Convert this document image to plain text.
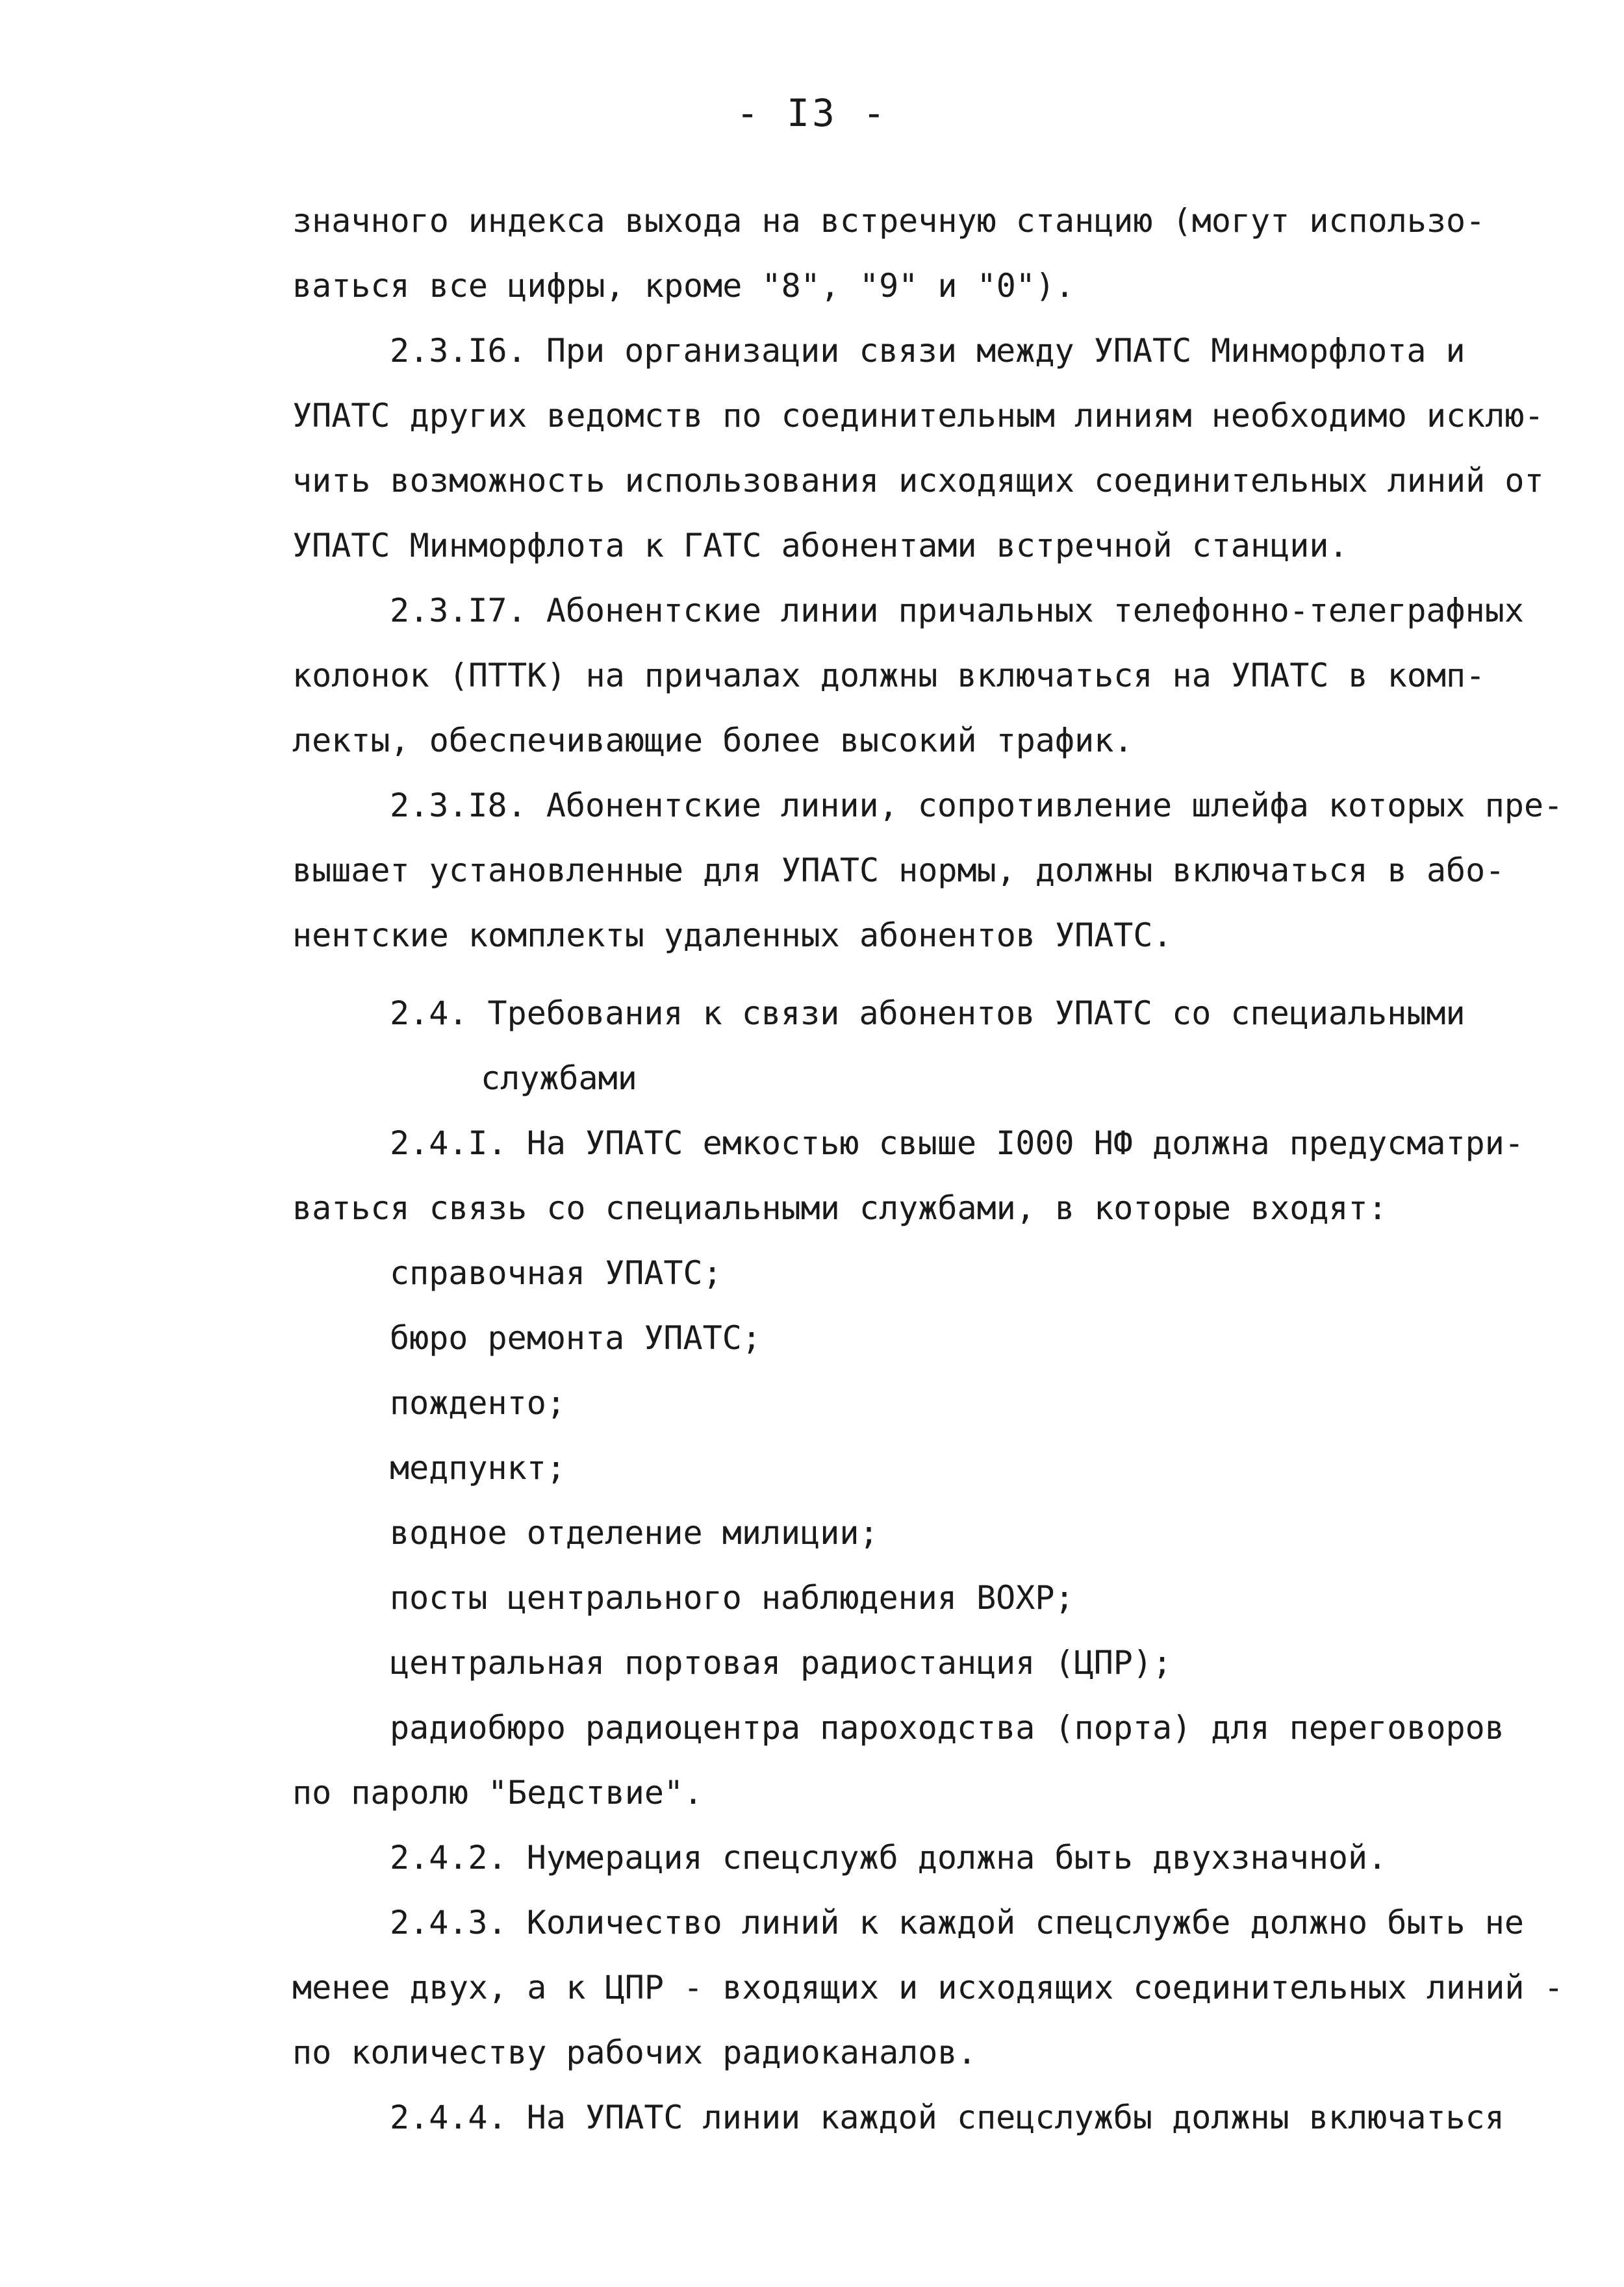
- I3 -
значного индекса выхода на встречную станцию (могут использо-
ваться все цифры, кроме "8", "9" и "0").
2.3.I6. При организации связи между УПАТС Минморфлота и
УПАТС других ведомств по соединительным линиям необходимо исклю-
чить возможность использования исходящих соединительных линий от
УПАТС Минморфлота к ГАТС абонентами встречной станции.
2.3.I7. Абонентские линии причальных телефонно-телеграфных
колонок (ПТТК) на причалах должны включаться на УПАТС в комп-
лекты, обеспечивающие более высокий трафик.
2.3.I8. Абонентские линии, сопротивление шлейфа которых пре-
вышает установленные для УПАТС нормы, должны включаться в або-
нентские комплекты удаленных абонентов УПАТС.
2.4. Требования к связи абонентов УПАТС со специальными
службами
2.4.I. На УПАТС емкостью свыше I000 НФ должна предусматри-
ваться связь со специальными службами, в которые входят:
справочная УПАТС;
бюро ремонта УПАТС;
пожденто;
медпункт;
водное отделение милиции;
посты центрального наблюдения ВОХР;
центральная портовая радиостанция (ЦПР);
радиобюро радиоцентра пароходства (порта) для переговоров
по паролю "Бедствие".
2.4.2. Нумерация спецслужб должна быть двухзначной.
2.4.3. Количество линий к каждой спецслужбе должно быть не
менее двух, а к ЦПР - входящих и исходящих соединительных линий -
по количеству рабочих радиоканалов.
2.4.4. На УПАТС линии каждой спецслужбы должны включаться
